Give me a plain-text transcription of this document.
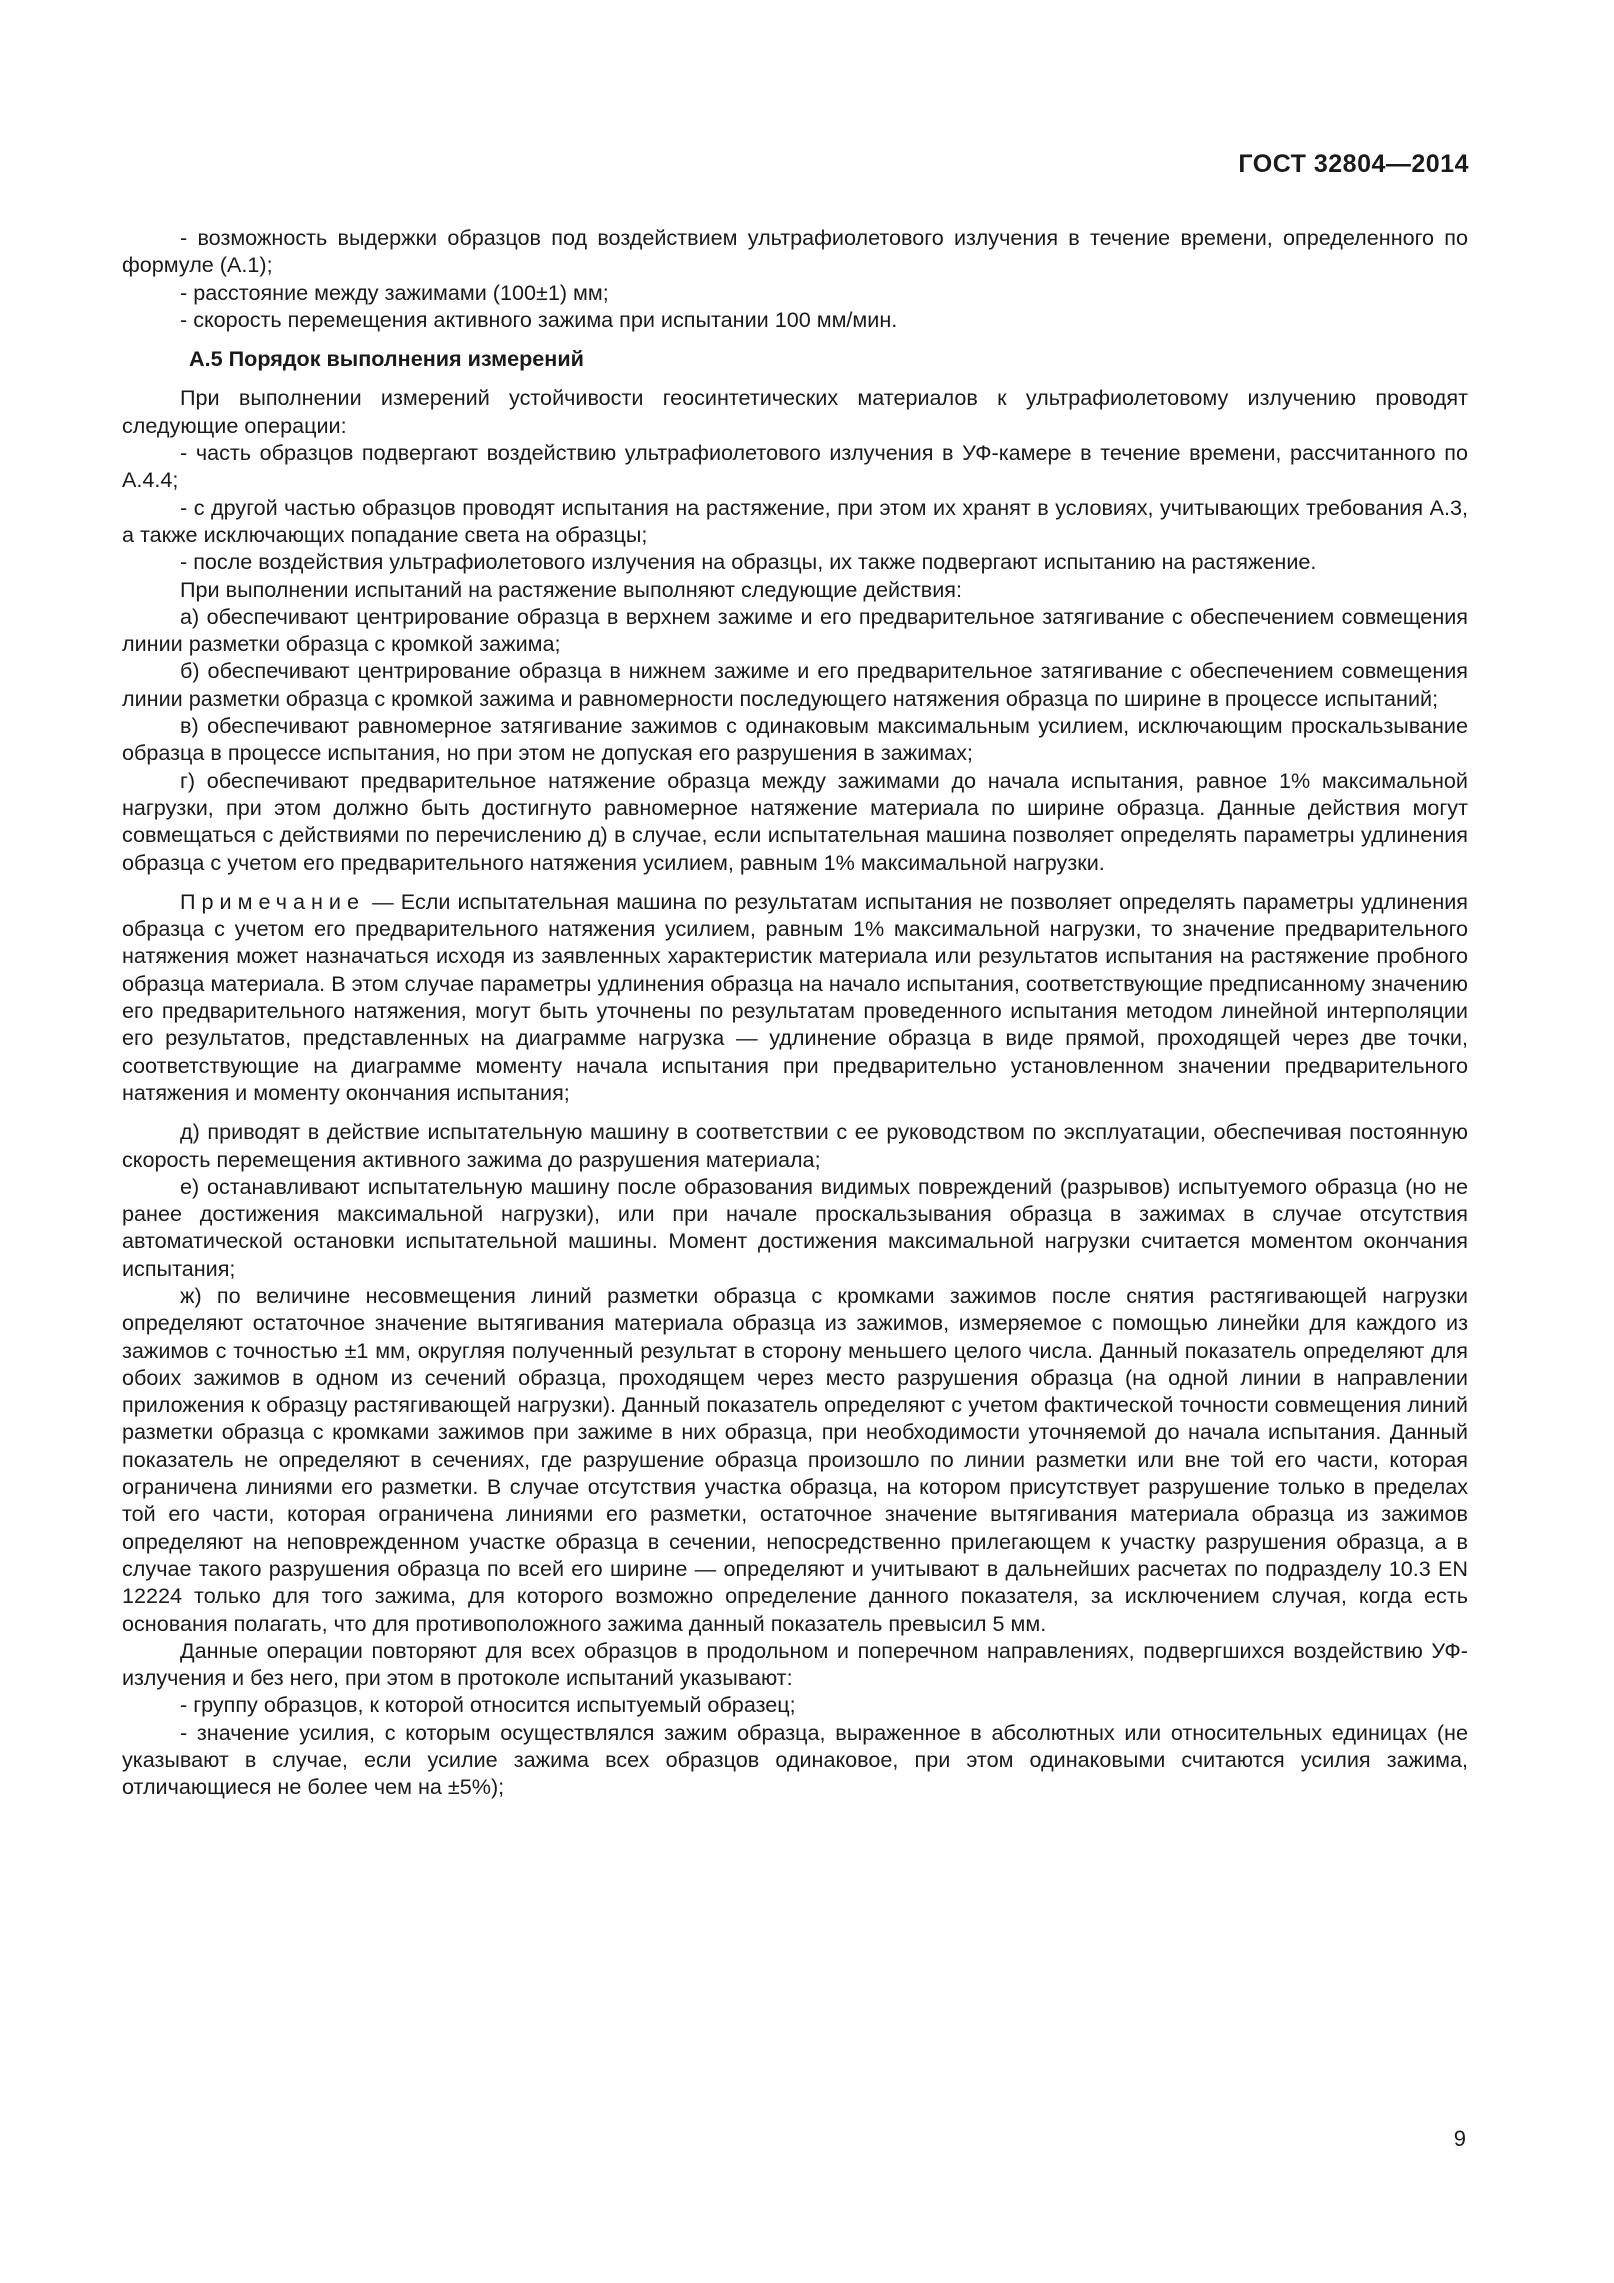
ГОСТ 32804—2014

- возможность выдержки образцов под воздействием ультрафиолетового излучения в течение времени, определенного по формуле (А.1);

- расстояние между зажимами (100±1) мм;

- скорость перемещения активного зажима при испытании 100 мм/мин.

А.5 Порядок выполнения измерений

При выполнении измерений устойчивости геосинтетических материалов к ультрафиолетовому излучению проводят следующие операции:

- часть образцов подвергают воздействию ультрафиолетового излучения в УФ-камере в течение времени, рассчитанного по А.4.4;

- с другой частью образцов проводят испытания на растяжение, при этом их хранят в условиях, учитывающих требования А.3, а также исключающих попадание света на образцы;

- после воздействия ультрафиолетового излучения на образцы, их также подвергают испытанию на растяжение.

При выполнении испытаний на растяжение выполняют следующие действия:

а) обеспечивают центрирование образца в верхнем зажиме и его предварительное затягивание с обеспечением совмещения линии разметки образца с кромкой зажима;

б) обеспечивают центрирование образца в нижнем зажиме и его предварительное затягивание с обеспечением совмещения линии разметки образца с кромкой зажима и равномерности последующего натяжения образца по ширине в процессе испытаний;

в) обеспечивают равномерное затягивание зажимов с одинаковым максимальным усилием, исключающим проскальзывание образца в процессе испытания, но при этом не допуская его разрушения в зажимах;

г) обеспечивают предварительное натяжение образца между зажимами до начала испытания, равное 1% максимальной нагрузки, при этом должно быть достигнуто равномерное натяжение материала по ширине образца. Данные действия могут совмещаться с действиями по перечислению д) в случае, если испытательная машина позволяет определять параметры удлинения образца с учетом его предварительного натяжения усилием, равным 1% максимальной нагрузки.

Примечание — Если испытательная машина по результатам испытания не позволяет определять параметры удлинения образца с учетом его предварительного натяжения усилием, равным 1% максимальной нагрузки, то значение предварительного натяжения может назначаться исходя из заявленных характеристик материала или результатов испытания на растяжение пробного образца материала. В этом случае параметры удлинения образца на начало испытания, соответствующие предписанному значению его предварительного натяжения, могут быть уточнены по результатам проведенного испытания методом линейной интерполяции его результатов, представленных на диаграмме нагрузка — удлинение образца в виде прямой, проходящей через две точки, соответствующие на диаграмме моменту начала испытания при предварительно установленном значении предварительного натяжения и моменту окончания испытания;

д) приводят в действие испытательную машину в соответствии с ее руководством по эксплуатации, обеспечивая постоянную скорость перемещения активного зажима до разрушения материала;

е) останавливают испытательную машину после образования видимых повреждений (разрывов) испытуемого образца (но не ранее достижения максимальной нагрузки), или при начале проскальзывания образца в зажимах в случае отсутствия автоматической остановки испытательной машины. Момент достижения максимальной нагрузки считается моментом окончания испытания;

ж) по величине несовмещения линий разметки образца с кромками зажимов после снятия растягивающей нагрузки определяют остаточное значение вытягивания материала образца из зажимов, измеряемое с помощью линейки для каждого из зажимов с точностью ±1 мм, округляя полученный результат в сторону меньшего целого числа. Данный показатель определяют для обоих зажимов в одном из сечений образца, проходящем через место разрушения образца (на одной линии в направлении приложения к образцу растягивающей нагрузки). Данный показатель определяют с учетом фактической точности совмещения линий разметки образца с кромками зажимов при зажиме в них образца, при необходимости уточняемой до начала испытания. Данный показатель не определяют в сечениях, где разрушение образца произошло по линии разметки или вне той его части, которая ограничена линиями его разметки. В случае отсутствия участка образца, на котором присутствует разрушение только в пределах той его части, которая ограничена линиями его разметки, остаточное значение вытягивания материала образца из зажимов определяют на неповрежденном участке образца в сечении, непосредственно прилегающем к участку разрушения образца, а в случае такого разрушения образца по всей его ширине — определяют и учитывают в дальнейших расчетах по подразделу 10.3 EN 12224 только для того зажима, для которого возможно определение данного показателя, за исключением случая, когда есть основания полагать, что для противоположного зажима данный показатель превысил 5 мм.

Данные операции повторяют для всех образцов в продольном и поперечном направлениях, подвергшихся воздействию УФ-излучения и без него, при этом в протоколе испытаний указывают:

- группу образцов, к которой относится испытуемый образец;

- значение усилия, с которым осуществлялся зажим образца, выраженное в абсолютных или относительных единицах (не указывают в случае, если усилие зажима всех образцов одинаковое, при этом одинаковыми считаются усилия зажима, отличающиеся не более чем на ±5%);

9
